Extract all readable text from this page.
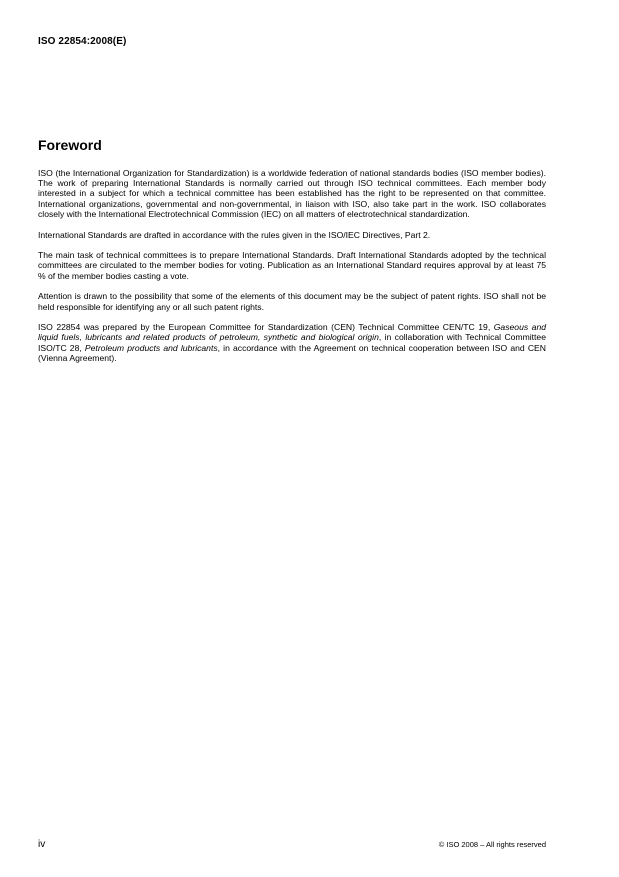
ISO 22854:2008(E)
Foreword

ISO (the International Organization for Standardization) is a worldwide federation of national standards bodies (ISO member bodies). The work of preparing International Standards is normally carried out through ISO technical committees. Each member body interested in a subject for which a technical committee has been established has the right to be represented on that committee. International organizations, governmental and non-governmental, in liaison with ISO, also take part in the work. ISO collaborates closely with the International Electrotechnical Commission (IEC) on all matters of electrotechnical standardization.

International Standards are drafted in accordance with the rules given in the ISO/IEC Directives, Part 2.

The main task of technical committees is to prepare International Standards. Draft International Standards adopted by the technical committees are circulated to the member bodies for voting. Publication as an International Standard requires approval by at least 75 % of the member bodies casting a vote.

Attention is drawn to the possibility that some of the elements of this document may be the subject of patent rights. ISO shall not be held responsible for identifying any or all such patent rights.

ISO 22854 was prepared by the European Committee for Standardization (CEN) Technical Committee CEN/TC 19, Gaseous and liquid fuels, lubricants and related products of petroleum, synthetic and biological origin, in collaboration with Technical Committee ISO/TC 28, Petroleum products and lubricants, in accordance with the Agreement on technical cooperation between ISO and CEN (Vienna Agreement).

iv	© ISO 2008 – All rights reserved
